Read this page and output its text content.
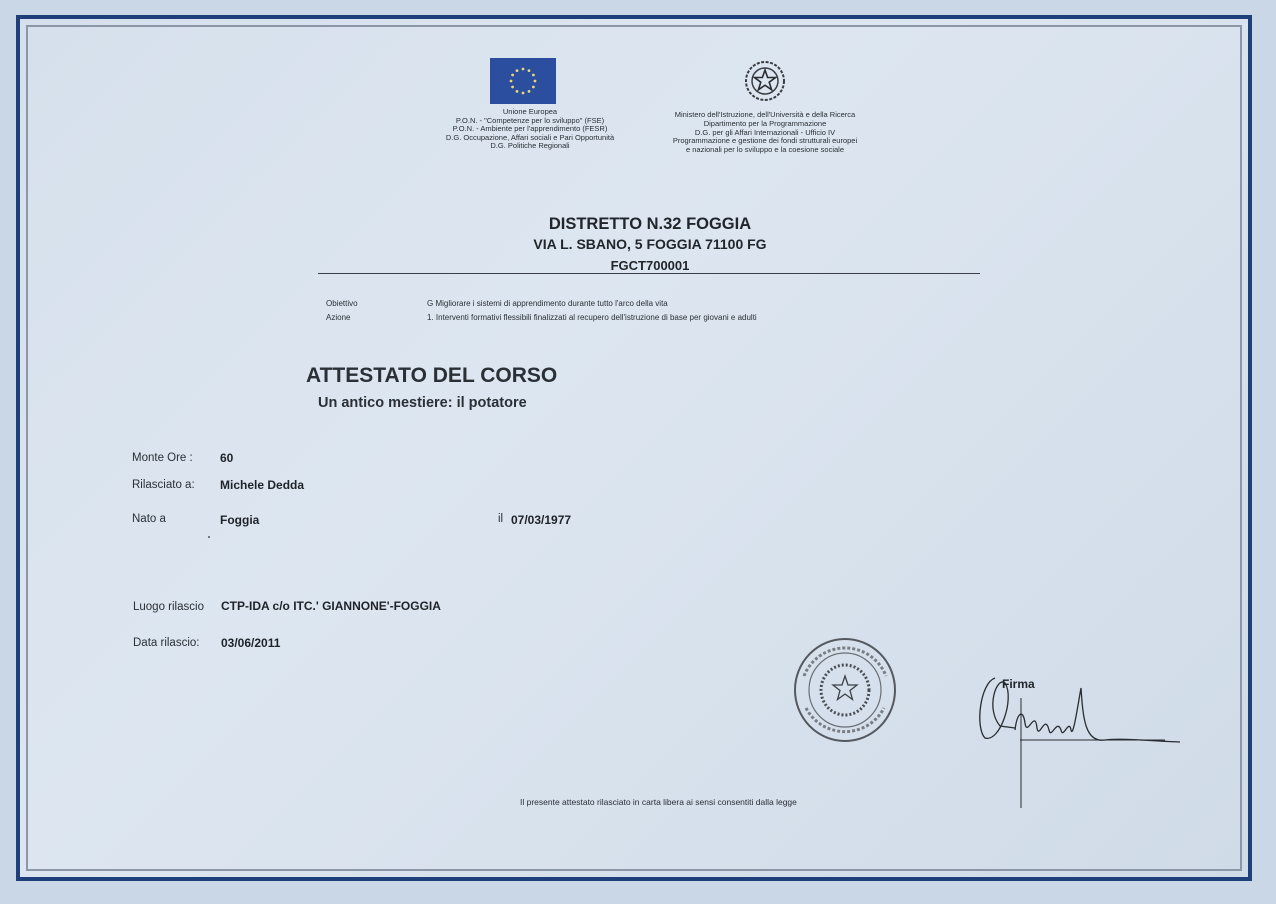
Unione Europea
P.O.N. - "Competenze per lo sviluppo" (FSE)
P.O.N. - Ambiente per l'apprendimento (FESR)
D.G. Occupazione, Affari sociali e Pari Opportunità
D.G. Politiche Regionali
Ministero dell'Istruzione, dell'Università e della Ricerca
Dipartimento per la Programmazione
D.G. per gli Affari Internazionali - Ufficio IV
Programmazione e gestione dei fondi strutturali europei
e nazionali per lo sviluppo e la coesione sociale
DISTRETTO N.32 FOGGIA
VIA L. SBANO, 5 FOGGIA 71100 FG
FGCT700001
Obiettivo	G Migliorare i sistemi di apprendimento durante tutto l'arco della vita
Azione	1. Interventi formativi flessibili finalizzati al recupero dell'istruzione di base per giovani e adulti
ATTESTATO DEL CORSO
Un antico mestiere: il potatore
Monte Ore : 60
Rilasciato a: Michele Dedda
Nato a	Foggia	il 07/03/1977
Luogo rilascio CTP-IDA c/o ITC.' GIANNONE'-FOGGIA
Data rilascio: 03/06/2011
Firma
Il presente attestato rilasciato in carta libera ai sensi consentiti dalla legge
